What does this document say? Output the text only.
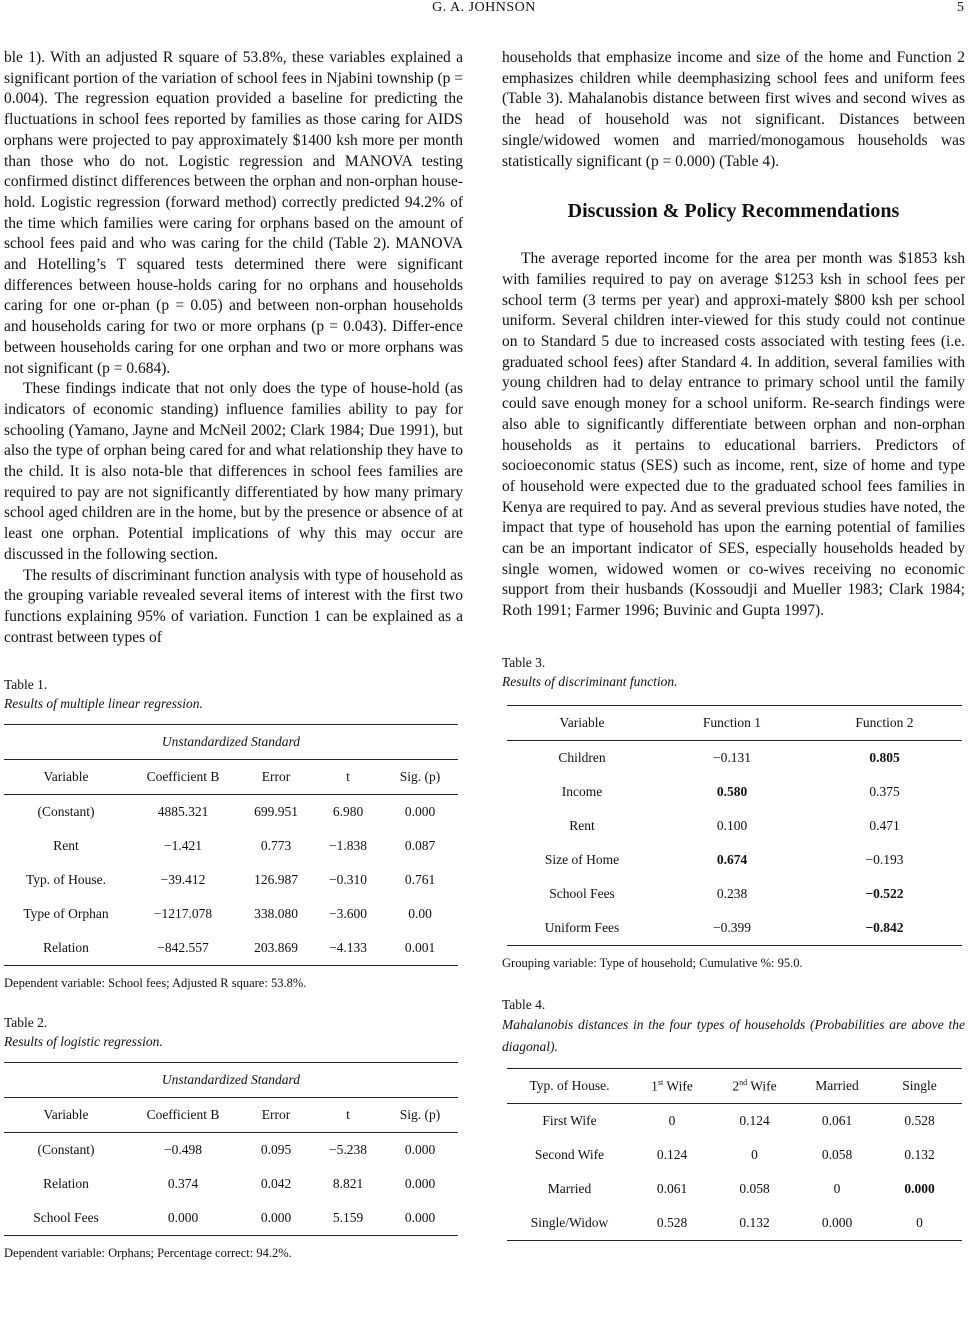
G. A. JOHNSON	5

ble 1). With an adjusted R square of 53.8%, these variables explained a significant portion of the variation of school fees in Njabini township (p = 0.004). The regression equation provided a baseline for predicting the fluctuations in school fees reported by families as those caring for AIDS orphans were projected to pay approximately $1400 ksh more per month than those who do not. Logistic regression and MANOVA testing confirmed distinct differences between the orphan and non-orphan house-hold. Logistic regression (forward method) correctly predicted 94.2% of the time which families were caring for orphans based on the amount of school fees paid and who was caring for the child (Table 2). MANOVA and Hotelling’s T squared tests determined there were significant differences between house-holds caring for no orphans and households caring for one or-phan (p = 0.05) and between non-orphan households and households caring for two or more orphans (p = 0.043). Differ-ence between households caring for one orphan and two or more orphans was not significant (p = 0.684).

These findings indicate that not only does the type of house-hold (as indicators of economic standing) influence families ability to pay for schooling (Yamano, Jayne and McNeil 2002; Clark 1984; Due 1991), but also the type of orphan being cared for and what relationship they have to the child. It is also nota-ble that differences in school fees families are required to pay are not significantly differentiated by how many primary school aged children are in the home, but by the presence or absence of at least one orphan. Potential implications of why this may occur are discussed in the following section.

The results of discriminant function analysis with type of household as the grouping variable revealed several items of interest with the first two functions explaining 95% of variation. Function 1 can be explained as a contrast between types of

Table 1.
Results of multiple linear regression.
Unstandardized Standard				
Variable	Coefficient B	Error	t	Sig. (p)
(Constant)	4885.321	699.951	6.980	0.000
Rent	−1.421	0.773	−1.838	0.087
Typ. of House.	−39.412	126.987	−0.310	0.761
Type of Orphan	−1217.078	338.080	−3.600	0.00
Relation	−842.557	203.869	−4.133	0.001
Dependent variable: School fees; Adjusted R square: 53.8%.
Table 2.
Results of logistic regression.
Unstandardized Standard				
Variable	Coefficient B	Error	t	Sig. (p)
(Constant)	−0.498	0.095	−5.238	0.000
Relation	0.374	0.042	8.821	0.000
School Fees	0.000	0.000	5.159	0.000
Dependent variable: Orphans; Percentage correct: 94.2%.

households that emphasize income and size of the home and Function 2 emphasizes children while deemphasizing school fees and uniform fees (Table 3). Mahalanobis distance between first wives and second wives as the head of household was not significant. Distances between single/widowed women and married/monogamous households was statistically significant (p = 0.000) (Table 4).

Discussion & Policy Recommendations

The average reported income for the area per month was $1853 ksh with families required to pay on average $1253 ksh in school fees per school term (3 terms per year) and approxi-mately $800 ksh per school uniform. Several children inter-viewed for this study could not continue on to Standard 5 due to increased costs associated with testing fees (i.e. graduated school fees) after Standard 4. In addition, several families with young children had to delay entrance to primary school until the family could save enough money for a school uniform. Re-search findings were also able to significantly differentiate between orphan and non-orphan households as it pertains to educational barriers. Predictors of socioeconomic status (SES) such as income, rent, size of home and type of household were expected due to the graduated school fees families in Kenya are required to pay. And as several previous studies have noted, the impact that type of household has upon the earning potential of families can be an important indicator of SES, especially households headed by single women, widowed women or co-wives receiving no economic support from their husbands (Kossoudji and Mueller 1983; Clark 1984; Roth 1991; Farmer 1996; Buvinic and Gupta 1997).

Table 3.
Results of discriminant function.
Variable	Function 1	Function 2
Children	−0.131	0.805
Income	0.580	0.375
Rent	0.100	0.471
Size of Home	0.674	−0.193
School Fees	0.238	−0.522
Uniform Fees	−0.399	−0.842
Grouping variable: Type of household; Cumulative %: 95.0.
Table 4.
Mahalanobis distances in the four types of households (Probabilities are above the diagonal).
Typ. of House.	1st Wife	2nd Wife	Married	Single
First Wife	0	0.124	0.061	0.528
Second Wife	0.124	0	0.058	0.132
Married	0.061	0.058	0	0.000
Single/Widow	0.528	0.132	0.000	0
